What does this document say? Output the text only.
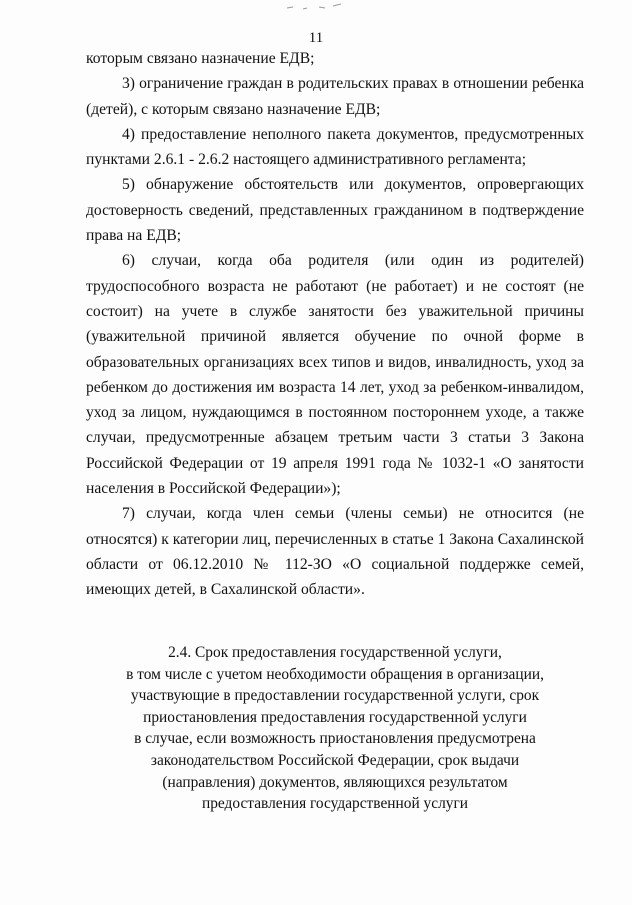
11

которым связано назначение ЕДВ;

3) ограничение граждан в родительских правах в отношении ребенка (детей), с которым связано назначение ЕДВ;

4) предоставление неполного пакета документов, предусмотренных пунктами 2.6.1 - 2.6.2 настоящего административного регламента;

5) обнаружение обстоятельств или документов, опровергающих достоверность сведений, представленных гражданином в подтверждение права на ЕДВ;

6) случаи, когда оба родителя (или один из родителей) трудоспособного возраста не работают (не работает) и не состоят (не состоит) на учете в службе занятости без уважительной причины (уважительной причиной является обучение по очной форме в образовательных организациях всех типов и видов, инвалидность, уход за ребенком до достижения им возраста 14 лет, уход за ребенком-инвалидом, уход за лицом, нуждающимся в постоянном постороннем уходе, а также случаи, предусмотренные абзацем третьим части 3 статьи 3 Закона Российской Федерации от 19 апреля 1991 года № 1032-1 «О занятости населения в Российской Федерации»);

7) случаи, когда член семьи (члены семьи) не относится (не относятся) к категории лиц, перечисленных в статье 1 Закона Сахалинской области от 06.12.2010 № 112-ЗО «О социальной поддержке семей, имеющих детей, в Сахалинской области».

2.4. Срок предоставления государственной услуги,
в том числе с учетом необходимости обращения в организации,
участвующие в предоставлении государственной услуги, срок
приостановления предоставления государственной услуги
в случае, если возможность приостановления предусмотрена
законодательством Российской Федерации, срок выдачи
(направления) документов, являющихся результатом
предоставления государственной услуги
